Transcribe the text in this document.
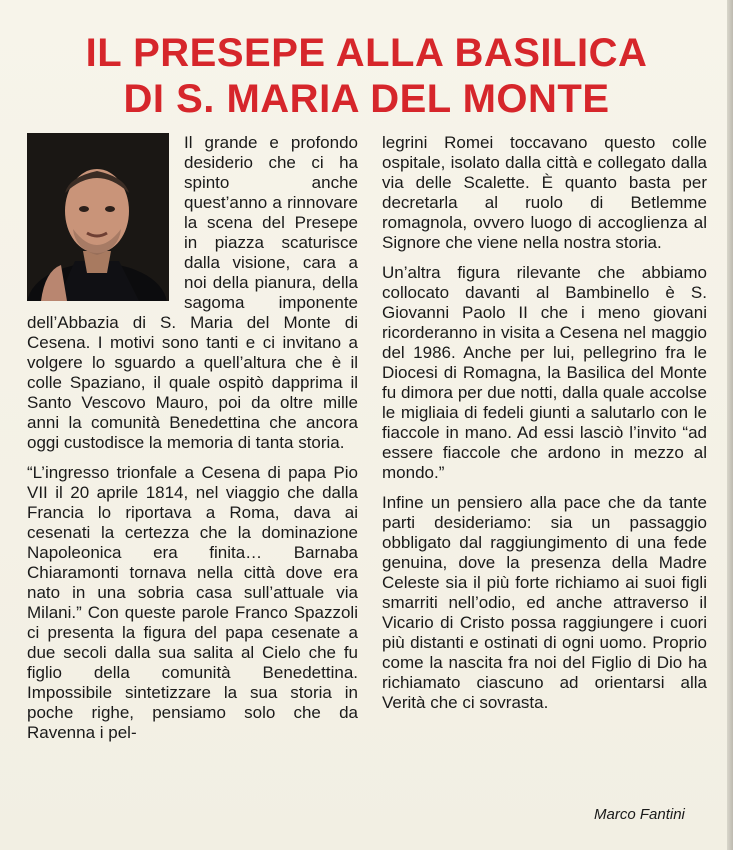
IL PRESEPE ALLA BASILICA
DI S. MARIA DEL MONTE

Il grande e profondo desiderio che ci ha spinto anche quest’anno a rinnovare la scena del Presepe in piazza scaturisce dalla visione, cara a noi della pianura, della sagoma imponente dell’Abbazia di S. Maria del Monte di Cesena. I motivi sono tanti e ci invitano a volgere lo sguardo a quell’altura che è il colle Spaziano, il quale ospitò dapprima il Santo Vescovo Mauro, poi da oltre mille anni la comunità Benedettina che ancora oggi custodisce la memoria di tanta storia.

“L’ingresso trionfale a Cesena di papa Pio VII il 20 aprile 1814, nel viaggio che dalla Francia lo riportava a Roma, dava ai cesenati la certezza che la dominazione Napoleonica era finita… Barnaba Chiaramonti tornava nella città dove era nato in una sobria casa sull’attuale via Milani.” Con queste parole Franco Spazzoli ci presenta la figura del papa cesenate a due secoli dalla sua salita al Cielo che fu figlio della comunità Benedettina. Impossibile sintetizzare la sua storia in poche righe, pensiamo solo che da Ravenna i pel-

legrini Romei toccavano questo colle ospitale, isolato dalla città e collegato dalla via delle Scalette. È quanto basta per decretarla al ruolo di Betlemme romagnola, ovvero luogo di accoglienza al Signore che viene nella nostra storia.

Un’altra figura rilevante che abbiamo collocato davanti al Bambinello è S. Giovanni Paolo II che i meno giovani ricorderanno in visita a Cesena nel maggio del 1986. Anche per lui, pellegrino fra le Diocesi di Romagna, la Basilica del Monte fu dimora per due notti, dalla quale accolse le migliaia di fedeli giunti a salutarlo con le fiaccole in mano. Ad essi lasciò l’invito “ad essere fiaccole che ardono in mezzo al mondo.”

Infine un pensiero alla pace che da tante parti desideriamo: sia un passaggio obbligato dal raggiungimento di una fede genuina, dove la presenza della Madre Celeste sia il più forte richiamo ai suoi figli smarriti nell’odio, ed anche attraverso il Vicario di Cristo possa raggiungere i cuori più distanti e ostinati di ogni uomo. Proprio come la nascita fra noi del Figlio di Dio ha richiamato ciascuno ad orientarsi alla Verità che ci sovrasta.

Marco Fantini
